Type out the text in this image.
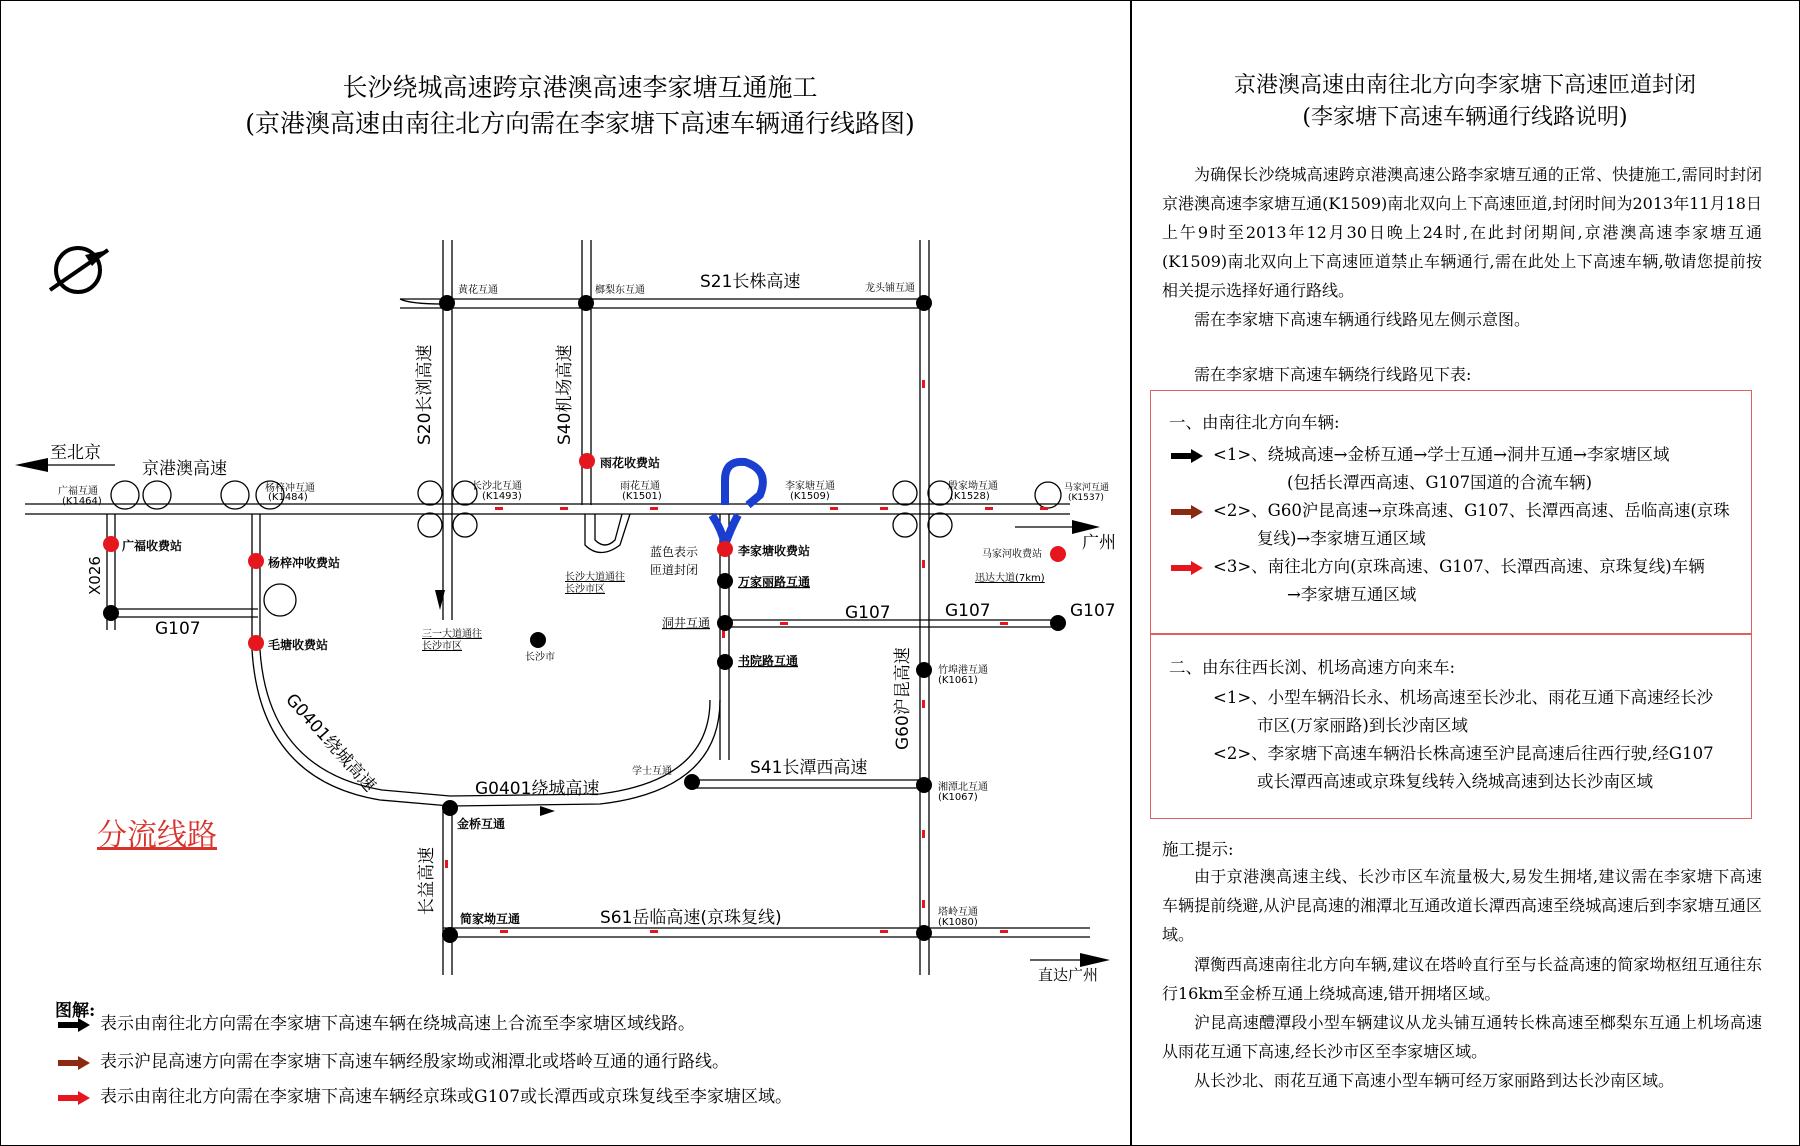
长沙绕城高速跨京港澳高速李家塘互通施工
(京港澳高速由南往北方向需在李家塘下高速车辆通行线路图)
京港澳高速
S21长株高速
G107
G107	G107	G107
G0401绕城高速
S41长潭西高速
S61岳临高速(京珠复线)
至北京
广州
直达广州
S20长浏高速	S40机场高速
G60沪昆高速
X026
长益高速
G0401绕城高速
黄花互通	榔梨东互通	龙头铺互通
广福互通
(K1464)
杨梓冲互通
(K1484)
长沙北互通
(K1493)
雨花互通
(K1501)
李家塘互通
(K1509)
殷家坳互通
(K1528)
马家河互通
(K1537)
竹埠港互通
(K1061)
学士互通
湘潭北互通
(K1067)
塔岭互通
(K1080)
长沙市
迅达大道(7km)
长沙大道通往
长沙市区
三一大道通往
长沙市区
蓝色表示
匝道封闭
万家丽路互通
洞井互通
书院路互通
金桥互通
简家坳互通
广福收费站
杨梓冲收费站
毛塘收费站
雨花收费站
李家塘收费站	马家河收费站
分流线路
图解:
表示由南往北方向需在李家塘下高速车辆在绕城高速上合流至李家塘区域线路。
表示沪昆高速方向需在李家塘下高速车辆经殷家坳或湘潭北或塔岭互通的通行路线。
表示由南往北方向需在李家塘下高速车辆经京珠或G107或长潭西或京珠复线至李家塘区域。
京港澳高速由南往北方向李家塘下高速匝道封闭
(李家塘下高速车辆通行线路说明)
为确保长沙绕城高速跨京港澳高速公路李家塘互通的正常、快捷施工,需同时封闭京港澳高速李家塘互通(K1509)南北双向上下高速匝道,封闭时间为2013年11月18日上午9时至2013年12月30日晚上24时,在此封闭期间,京港澳高速李家塘互通(K1509)南北双向上下高速匝道禁止车辆通行,需在此处上下高速车辆,敬请您提前按相关提示选择好通行路线。
需在李家塘下高速车辆通行线路见左侧示意图。
需在李家塘下高速车辆绕行线路见下表:
一、由南往北方向车辆:
<1>、绕城高速→金桥互通→学士互通→洞井互通→李家塘区域
(包括长潭西高速、G107国道的合流车辆)
<2>、G60沪昆高速→京珠高速、G107、长潭西高速、岳临高速(京珠
复线)→李家塘互通区域
<3>、南往北方向(京珠高速、G107、长潭西高速、京珠复线)车辆
→李家塘互通区域
二、由东往西长浏、机场高速方向来车:
<1>、小型车辆沿长永、机场高速至长沙北、雨花互通下高速经长沙
市区(万家丽路)到长沙南区域
<2>、李家塘下高速车辆沿长株高速至沪昆高速后往西行驶,经G107
或长潭西高速或京珠复线转入绕城高速到达长沙南区域
施工提示:
由于京港澳高速主线、长沙市区车流量极大,易发生拥堵,建议需在李家塘下高速车辆提前绕避,从沪昆高速的湘潭北互通改道长潭西高速至绕城高速后到李家塘互通区域。
潭衡西高速南往北方向车辆,建议在塔岭直行至与长益高速的简家坳枢纽互通往东行16km至金桥互通上绕城高速,错开拥堵区域。
沪昆高速醴潭段小型车辆建议从龙头铺互通转长株高速至榔梨东互通上机场高速从雨花互通下高速,经长沙市区至李家塘区域。
从长沙北、雨花互通下高速小型车辆可经万家丽路到达长沙南区域。
